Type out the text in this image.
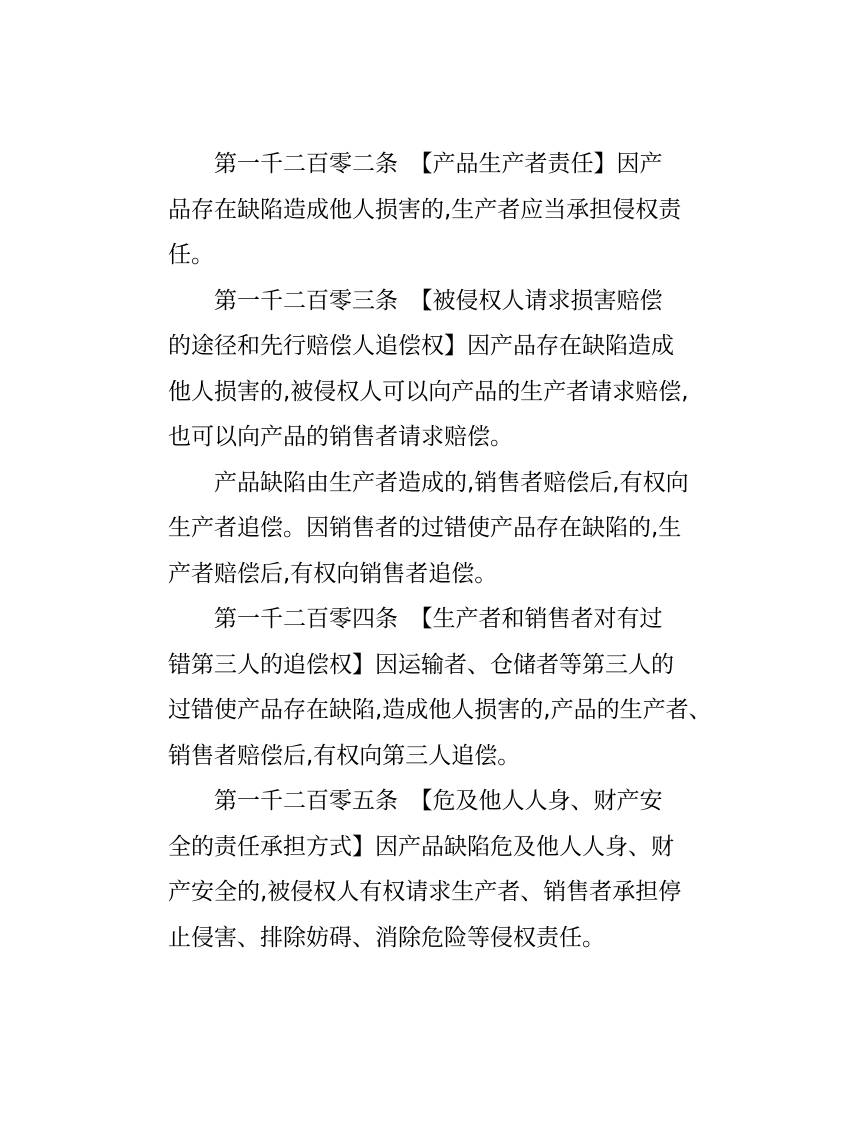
第一千二百零二条　【产品生产者责任】因产
品存在缺陷造成他人损害的,生产者应当承担侵权责
任。
第一千二百零三条　【被侵权人请求损害赔偿
的途径和先行赔偿人追偿权】因产品存在缺陷造成
他人损害的,被侵权人可以向产品的生产者请求赔偿,
也可以向产品的销售者请求赔偿。
产品缺陷由生产者造成的,销售者赔偿后,有权向
生产者追偿。因销售者的过错使产品存在缺陷的,生
产者赔偿后,有权向销售者追偿。
第一千二百零四条　【生产者和销售者对有过
错第三人的追偿权】因运输者、仓储者等第三人的
过错使产品存在缺陷,造成他人损害的,产品的生产者、
销售者赔偿后,有权向第三人追偿。
第一千二百零五条　【危及他人人身、财产安
全的责任承担方式】因产品缺陷危及他人人身、财
产安全的,被侵权人有权请求生产者、销售者承担停
止侵害、排除妨碍、消除危险等侵权责任。
